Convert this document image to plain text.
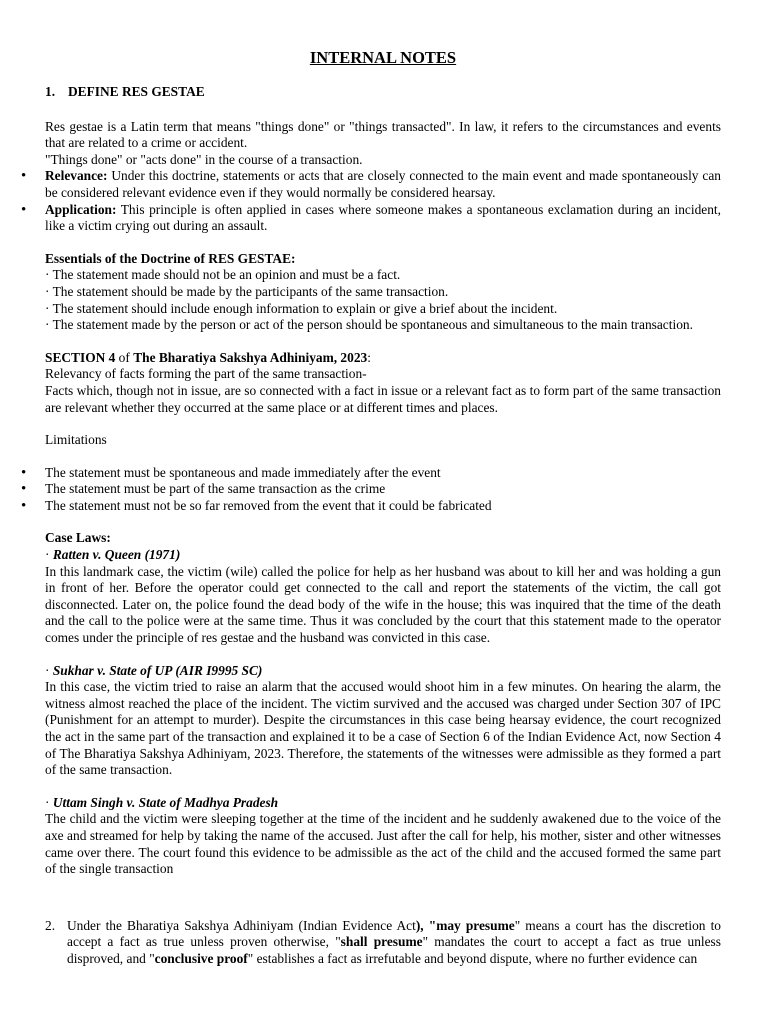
INTERNAL NOTES
1. DEFINE RES GESTAE

Res gestae is a Latin term that means "things done" or "things transacted". In law, it refers to the circumstances and events that are related to a crime or accident.

"Things done" or "acts done" in the course of a transaction.

• Relevance: Under this doctrine, statements or acts that are closely connected to the main event and made spontaneously can be considered relevant evidence even if they would normally be considered hearsay.
• Application: This principle is often applied in cases where someone makes a spontaneous exclamation during an incident, like a victim crying out during an assault.

Essentials of the Doctrine of RES GESTAE:

· The statement made should not be an opinion and must be a fact.

· The statement should be made by the participants of the same transaction.

· The statement should include enough information to explain or give a brief about the incident.

· The statement made by the person or act of the person should be spontaneous and simultaneous to the main transaction.

SECTION 4 of The Bharatiya Sakshya Adhiniyam, 2023:

Relevancy of facts forming the part of the same transaction-

Facts which, though not in issue, are so connected with a fact in issue or a relevant fact as to form part of the same transaction are relevant whether they occurred at the same place or at different times and places.

Limitations

• The statement must be spontaneous and made immediately after the event
• The statement must be part of the same transaction as the crime
• The statement must not be so far removed from the event that it could be fabricated

Case Laws:

· Ratten v. Queen (1971)

In this landmark case, the victim (wile) called the police for help as her husband was about to kill her and was holding a gun in front of her. Before the operator could get connected to the call and report the statements of the victim, the call got disconnected. Later on, the police found the dead body of the wife in the house; this was inquired that the time of the death and the call to the police were at the same time. Thus it was concluded by the court that this statement made to the operator comes under the principle of res gestae and the husband was convicted in this case.

· Sukhar v. State of UP (AIR I9995 SC)

In this case, the victim tried to raise an alarm that the accused would shoot him in a few minutes. On hearing the alarm, the witness almost reached the place of the incident. The victim survived and the accused was charged under Section 307 of IPC (Punishment for an attempt to murder). Despite the circumstances in this case being hearsay evidence, the court recognized the act in the same part of the transaction and explained it to be a case of Section 6 of the Indian Evidence Act, now Section 4 of The Bharatiya Sakshya Adhiniyam, 2023. Therefore, the statements of the witnesses were admissible as they formed a part of the same transaction.

· Uttam Singh v. State of Madhya Pradesh

The child and the victim were sleeping together at the time of the incident and he suddenly awakened due to the voice of the axe and streamed for help by taking the name of the accused. Just after the call for help, his mother, sister and other witnesses came over there. The court found this evidence to be admissible as the act of the child and the accused formed the same part of the single transaction

2. Under the Bharatiya Sakshya Adhiniyam (Indian Evidence Act), "may presume" means a court has the discretion to accept a fact as true unless proven otherwise, "shall presume" mandates the court to accept a fact as true unless disproved, and "conclusive proof" establishes a fact as irrefutable and beyond dispute, where no further evidence can
